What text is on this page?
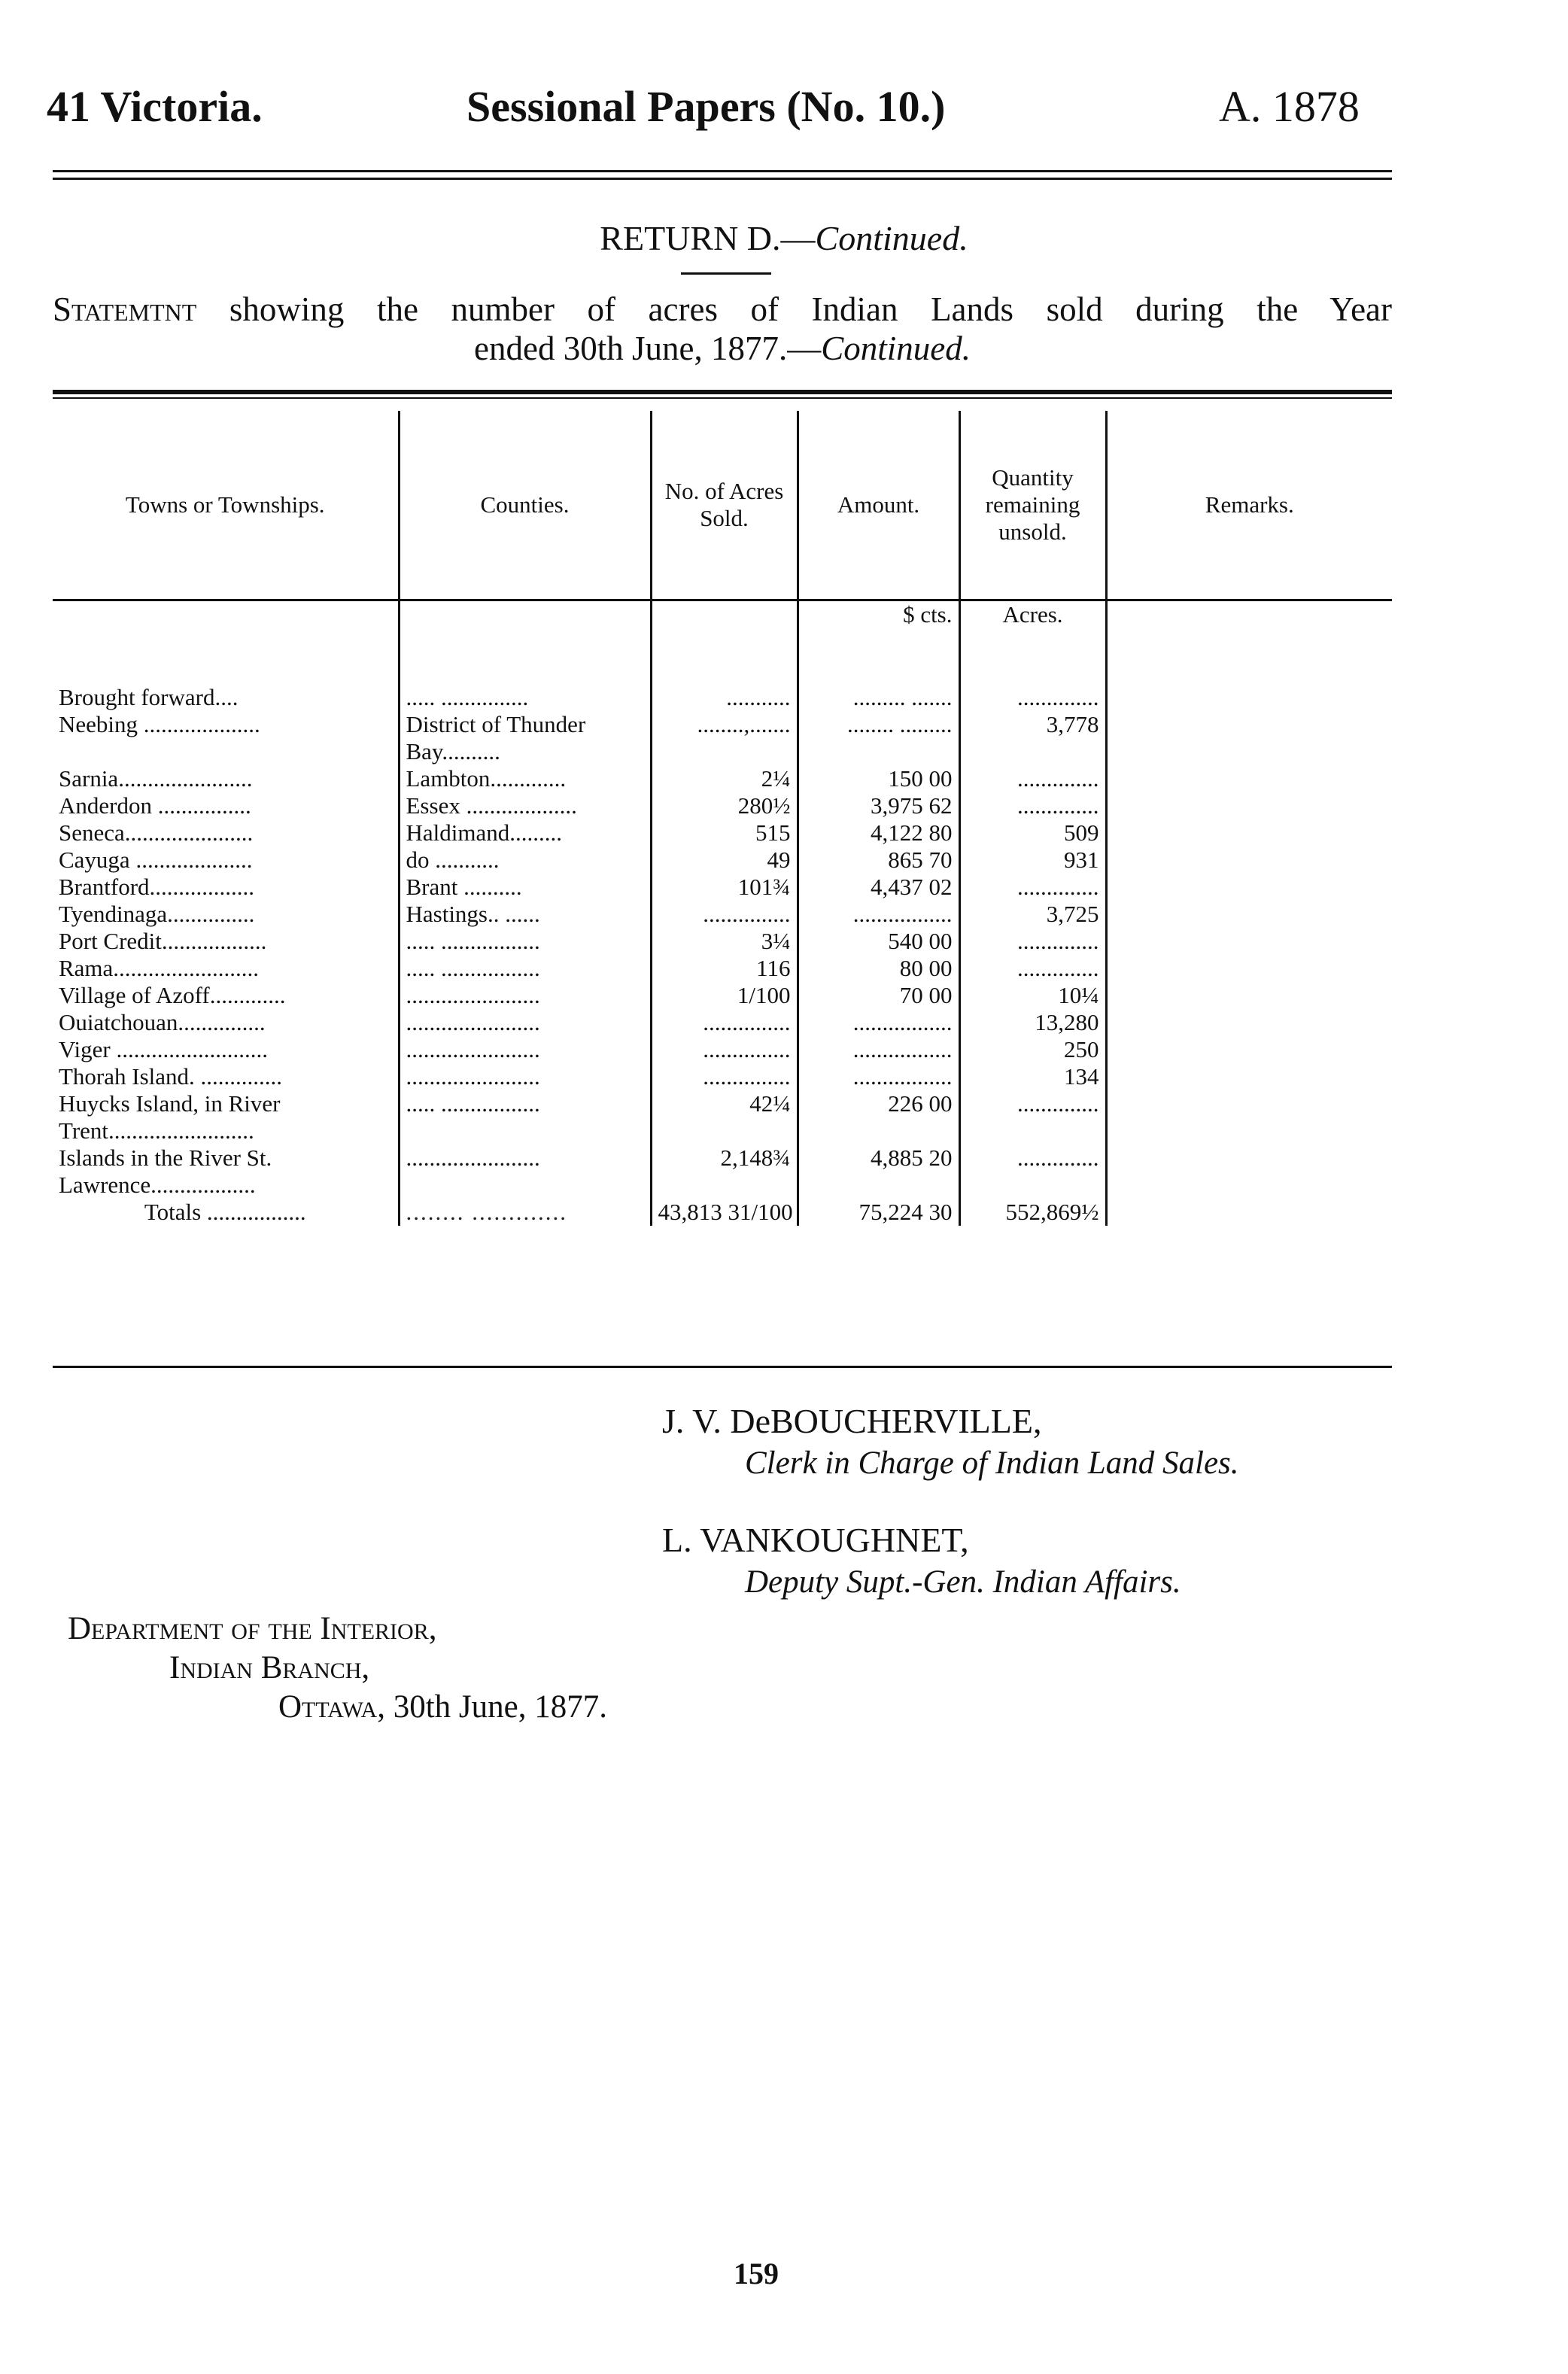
41 Victoria.	Sessional Papers (No. 10.)	A. 1878
RETURN D.—Continued.
Statemtnt showing the number of acres of Indian Lands sold during the Year
ended 30th June, 1877.—Continued.
Towns or Townships.	Counties.	No. of Acres Sold.	Amount.	Quantity remaining unsold.	Remarks.
			$ cts.	Acres.	
Brought forward....	..... ...............	...........	......... .......	..............	
Neebing ....................	District of Thunder Bay..........	........,.......	........ .........	3,778	
Sarnia.......................	Lambton.............	2¼	150 00	..............	
Anderdon ................	Essex ...................	280½	3,975 62	..............	
Seneca......................	Haldimand.........	515	4,122 80	509	
Cayuga ....................	do ...........	49	865 70	931	
Brantford..................	Brant ..........	101¾	4,437 02	..............	
Tyendinaga...............	Hastings.. ......	...............	.................	3,725	
Port Credit..................	..... .................	3¼	540 00	..............	
Rama.........................	..... .................	116	80 00	..............	
Village of Azoff.............	.......................	1/100	70 00	10¼	
Ouiatchouan...............	.......................	...............	.................	13,280	
Viger ..........................	.......................	...............	.................	250	
Thorah Island. ..............	.......................	...............	.................	134	
Huycks Island, in River Trent.........................	..... .................	42¼	226 00	..............	
Islands in the River St. Lawrence..................	.......................	2,148¾	4,885 20	..............	
Totals .................	........ .............	43,813 31/100	75,224 30	552,869½	
J. V. DeBOUCHERVILLE,
Clerk in Charge of Indian Land Sales.
L. VANKOUGHNET,
Deputy Supt.-Gen. Indian Affairs.
Department of the Interior,
Indian Branch,
Ottawa, 30th June, 1877.
159
